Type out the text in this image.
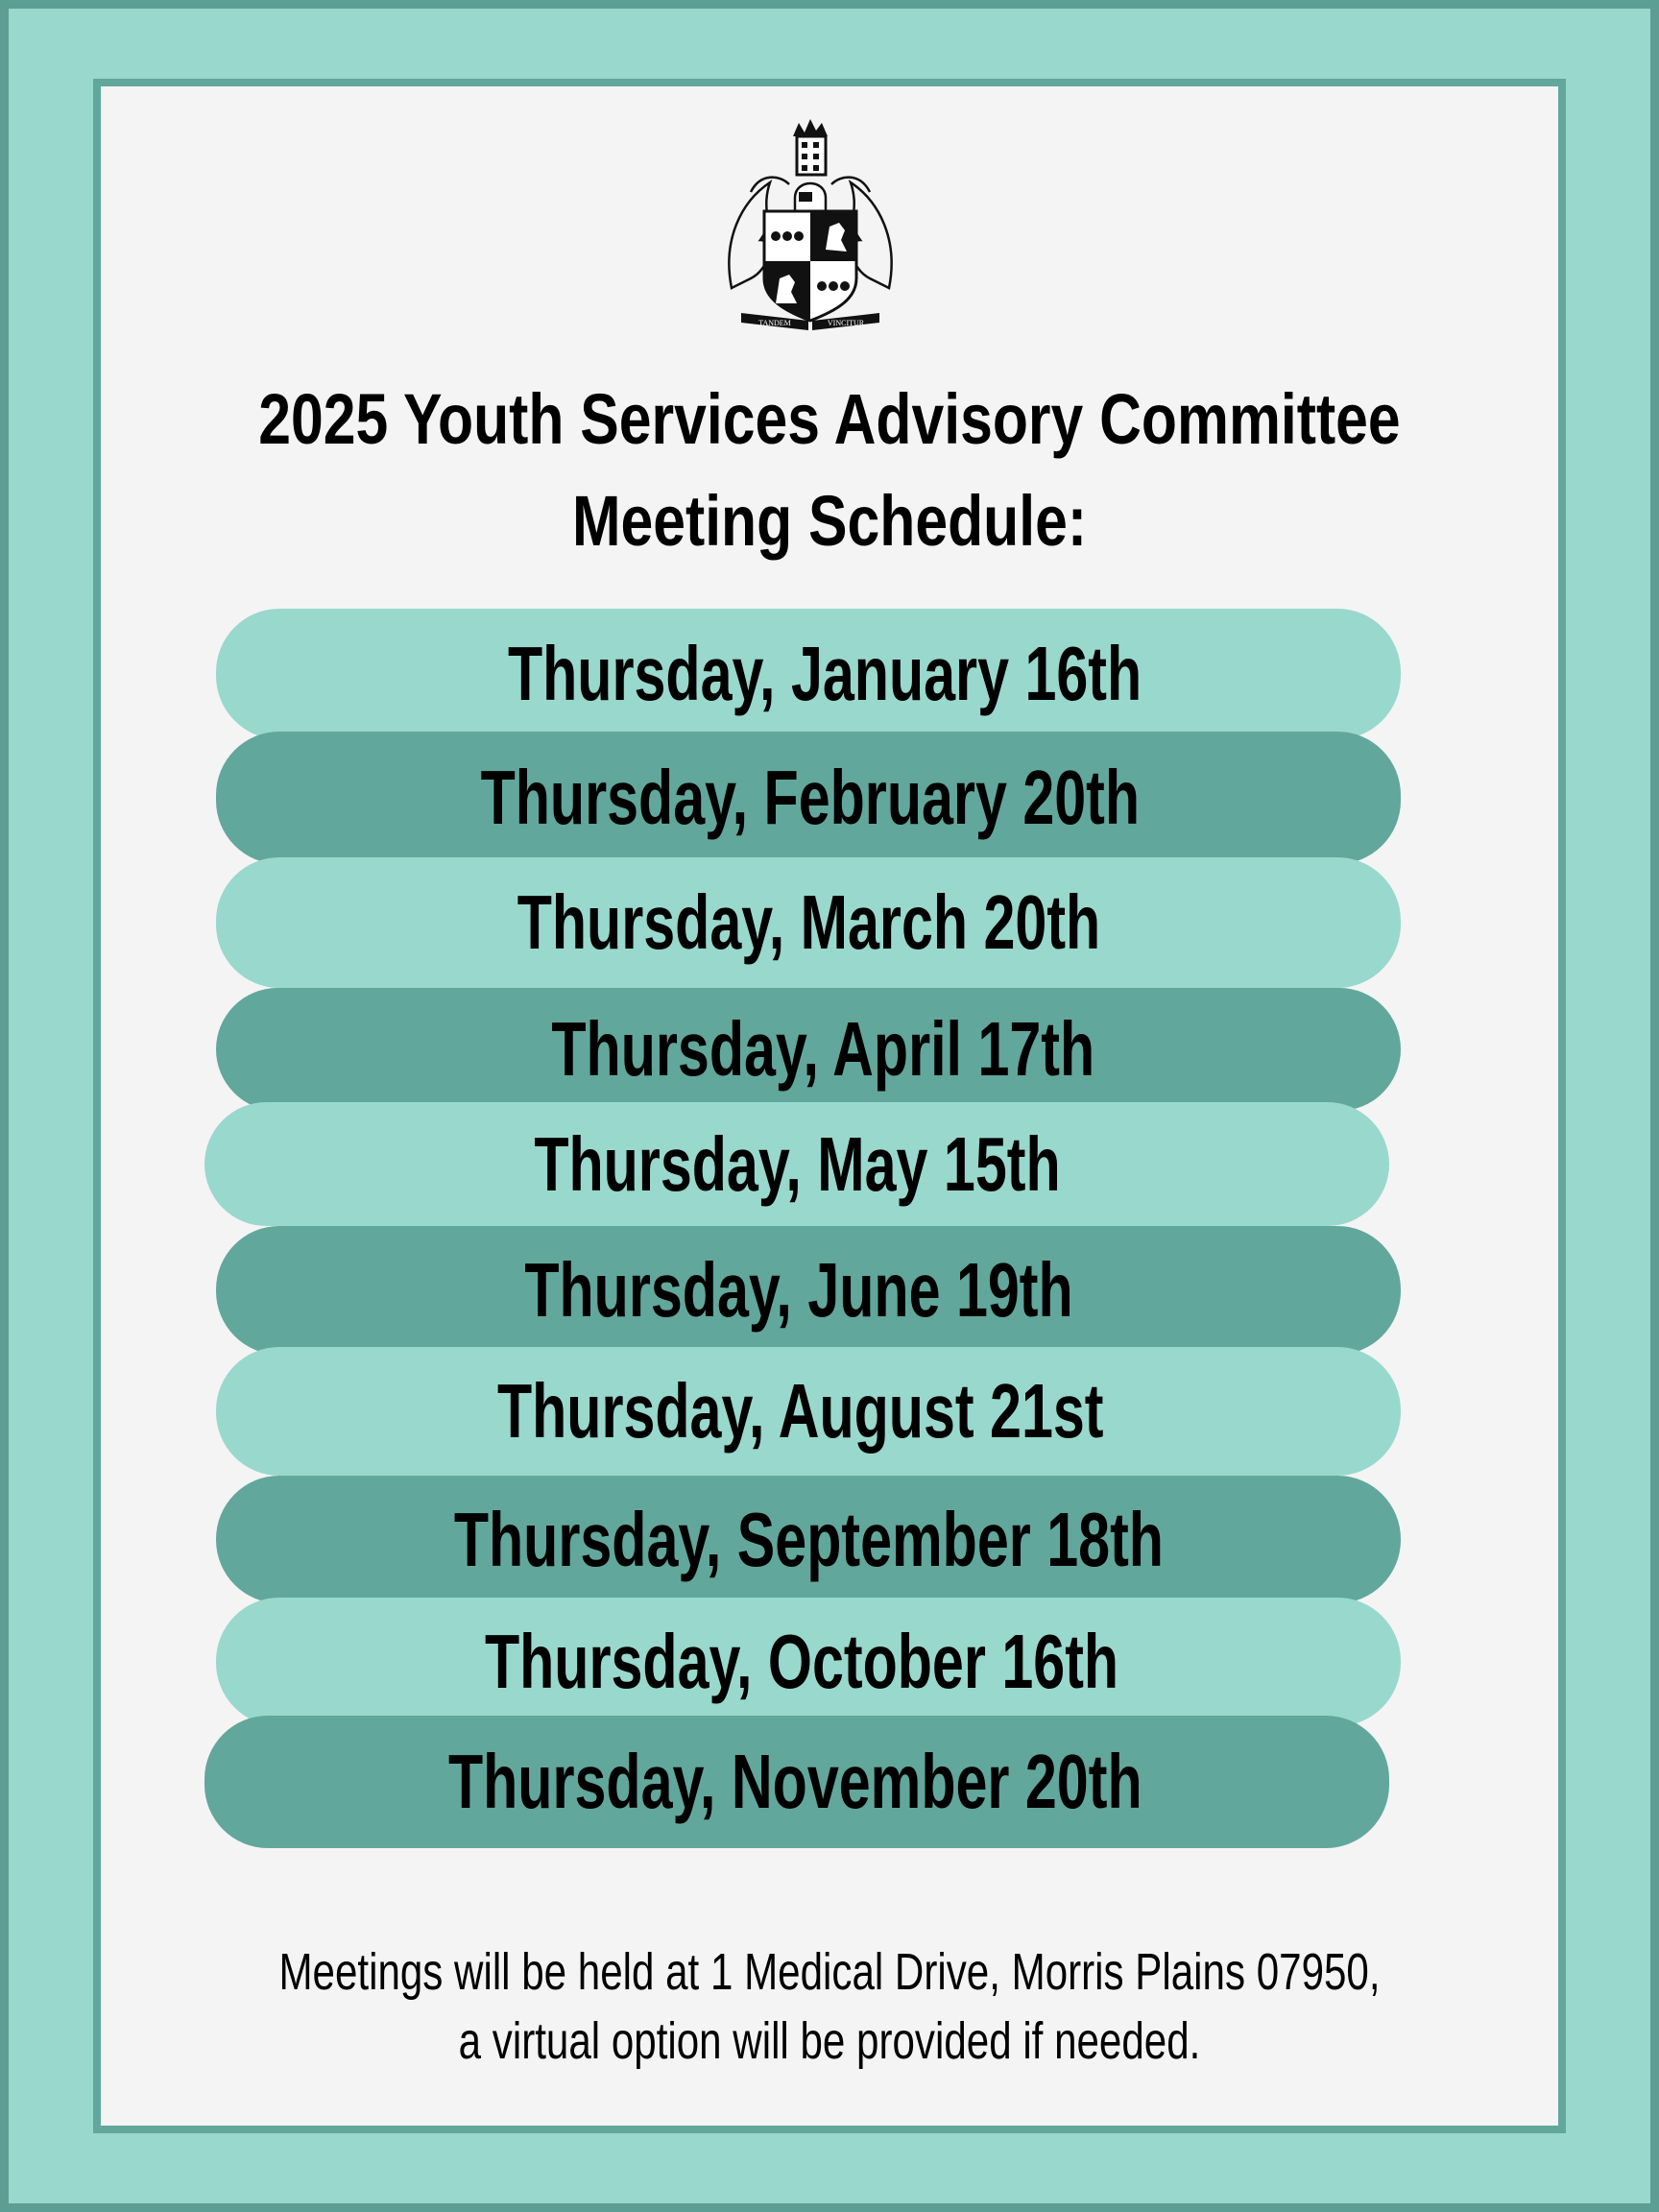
TANDEM	VINCITUR
2025 Youth Services Advisory Committee
Meeting Schedule:
Thursday, January 16th
Thursday, February 20th
Thursday, March 20th
Thursday, April 17th
Thursday, May 15th
Thursday, June 19th
Thursday, August 21st
Thursday, September 18th
Thursday, October 16th
Thursday, November 20th
Meetings will be held at 1 Medical Drive, Morris Plains 07950,
a virtual option will be provided if needed.
